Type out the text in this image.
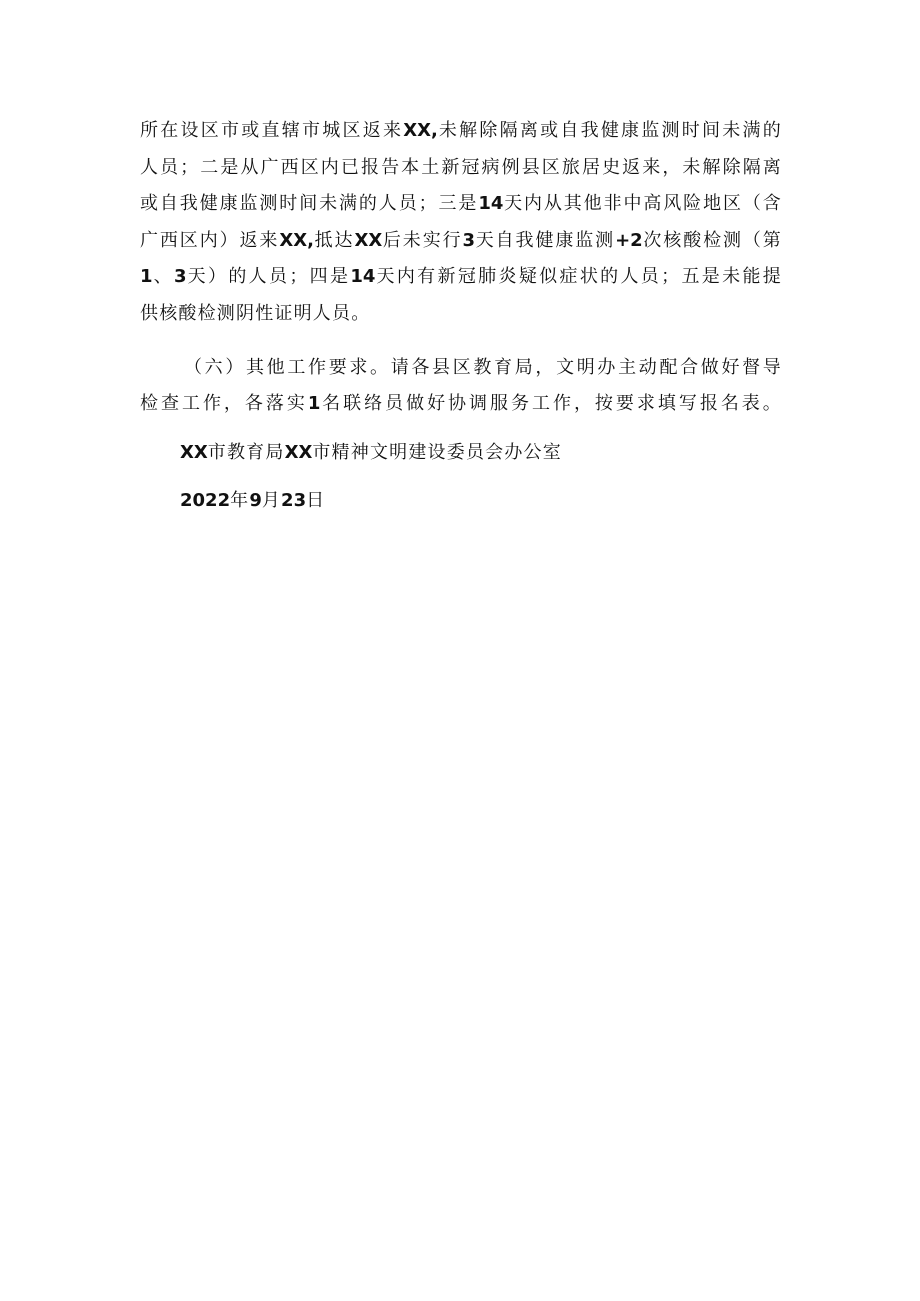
所在设区市或直辖市城区返来XX,未解除隔离或自我健康监测时间未满的
人员；二是从广西区内已报告本土新冠病例县区旅居史返来，未解除隔离
或自我健康监测时间未满的人员；三是14天内从其他非中高风险地区（含
广西区内）返来XX,抵达XX后未实行3天自我健康监测+2次核酸检测（第
1、3天）的人员；四是14天内有新冠肺炎疑似症状的人员；五是未能提
供核酸检测阴性证明人员。

（六）其他工作要求。请各县区教育局，文明办主动配合做好督导
检查工作，各落实1名联络员做好协调服务工作，按要求填写报名表。

XX市教育局XX市精神文明建设委员会办公室

2022年9月23日
